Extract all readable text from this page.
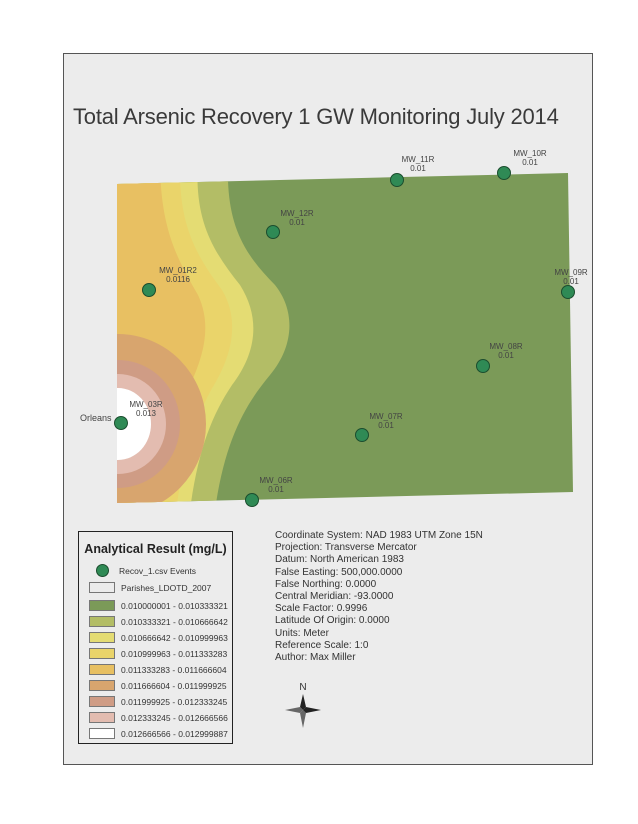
Orleans
MW_11R
0.01
MW_10R
0.01
MW_12R
0.01
MW_01R2
0.0116
MW_09R
0.01
MW_08R
0.01
MW_03R
0.013	MW_07R
0.01
MW_06R
0.01
N
Total Arsenic Recovery 1 GW Monitoring July 2014
Analytical Result (mg/L)
Recov_1.csv Events
Parishes_LDOTD_2007
0.010000001 - 0.010333321
0.010333321 - 0.010666642
0.010666642 - 0.010999963
0.010999963 - 0.011333283
0.011333283 - 0.011666604
0.011666604 - 0.011999925
0.011999925 - 0.012333245
0.012333245 - 0.012666566
0.012666566 - 0.012999887
Coordinate System: NAD 1983 UTM Zone 15N
Projection: Transverse Mercator
Datum: North American 1983
False Easting: 500,000.0000
False Northing: 0.0000
Central Meridian: -93.0000
Scale Factor: 0.9996
Latitude Of Origin: 0.0000
Units: Meter
Reference Scale: 1:0
Author: Max Miller
